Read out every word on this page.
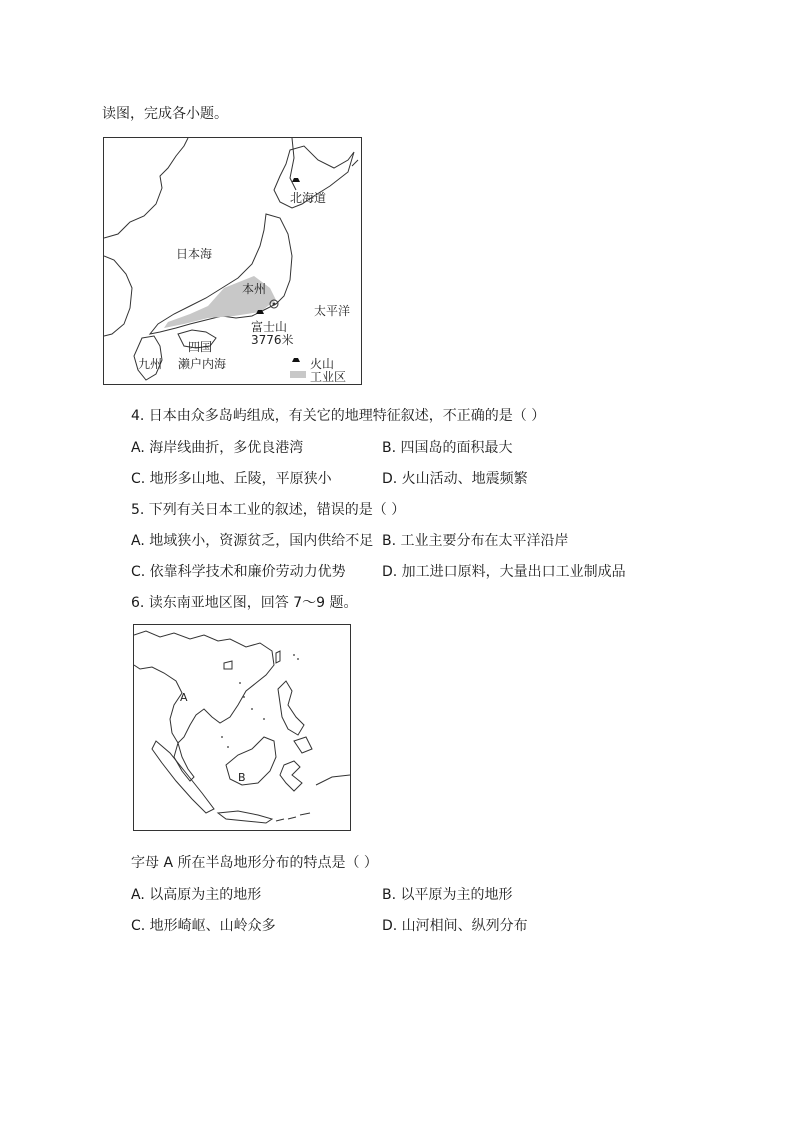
读图，完成各小题。
北海道
日本海
本州
太平洋
富士山
3776米
四国
九州 濑户内海	火山
工业区
4. 日本由众多岛屿组成，有关它的地理特征叙述，不正确的是（ ）
A. 海岸线曲折，多优良港湾	B. 四国岛的面积最大
C. 地形多山地、丘陵，平原狭小	D. 火山活动、地震频繁
5. 下列有关日本工业的叙述，错误的是（ ）
A. 地域狭小，资源贫乏，国内供给不足 B. 工业主要分布在太平洋沿岸
C. 依靠科学技术和廉价劳动力优势	D. 加工进口原料，大量出口工业制成品
6. 读东南亚地区图，回答 7～9 题。
A
B
字母 A 所在半岛地形分布的特点是（ ）
A. 以高原为主的地形	B. 以平原为主的地形
C. 地形崎岖、山岭众多	D. 山河相间、纵列分布
